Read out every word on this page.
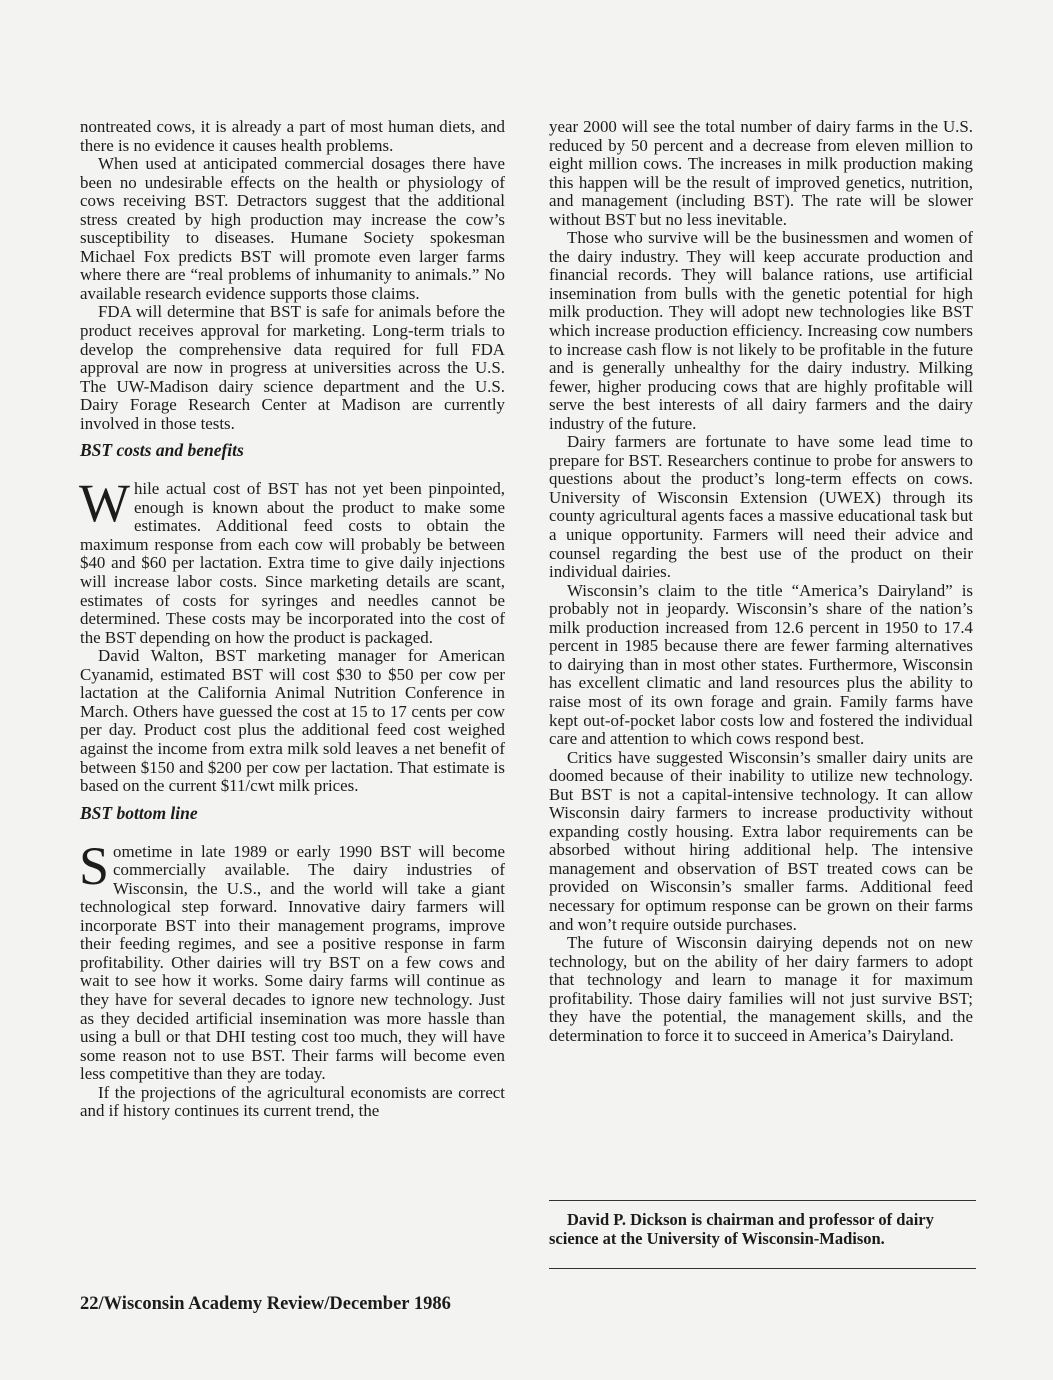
nontreated cows, it is already a part of most human diets, and there is no evidence it causes health problems.

When used at anticipated commercial dosages there have been no undesirable effects on the health or physiology of cows receiving BST. Detractors suggest that the additional stress created by high production may increase the cow’s susceptibility to diseases. Humane Society spokesman Michael Fox predicts BST will promote even larger farms where there are “real problems of inhumanity to animals.” No available research evidence supports those claims.

FDA will determine that BST is safe for animals before the product receives approval for marketing. Long-term trials to develop the comprehensive data required for full FDA approval are now in progress at universities across the U.S. The UW-Madison dairy science department and the U.S. Dairy Forage Research Center at Madison are currently involved in those tests.

BST costs and benefits

While actual cost of BST has not yet been pinpointed, enough is known about the product to make some estimates. Additional feed costs to obtain the maximum response from each cow will probably be between $40 and $60 per lactation. Extra time to give daily injections will increase labor costs. Since marketing details are scant, estimates of costs for syringes and needles cannot be determined. These costs may be incorporated into the cost of the BST depending on how the product is packaged.

David Walton, BST marketing manager for American Cyanamid, estimated BST will cost $30 to $50 per cow per lactation at the California Animal Nutrition Conference in March. Others have guessed the cost at 15 to 17 cents per cow per day. Product cost plus the additional feed cost weighed against the income from extra milk sold leaves a net benefit of between $150 and $200 per cow per lactation. That estimate is based on the current $11/cwt milk prices.

BST bottom line

Sometime in late 1989 or early 1990 BST will become commercially available. The dairy industries of Wisconsin, the U.S., and the world will take a giant technological step forward. Innovative dairy farmers will incorporate BST into their management programs, improve their feeding regimes, and see a positive response in farm profitability. Other dairies will try BST on a few cows and wait to see how it works. Some dairy farms will continue as they have for several decades to ignore new technology. Just as they decided artificial insemination was more hassle than using a bull or that DHI testing cost too much, they will have some reason not to use BST. Their farms will become even less competitive than they are today.

If the projections of the agricultural economists are correct and if history continues its current trend, the

year 2000 will see the total number of dairy farms in the U.S. reduced by 50 percent and a decrease from eleven million to eight million cows. The increases in milk production making this happen will be the result of improved genetics, nutrition, and management (including BST). The rate will be slower without BST but no less inevitable.

Those who survive will be the businessmen and women of the dairy industry. They will keep accurate production and financial records. They will balance rations, use artificial insemination from bulls with the genetic potential for high milk production. They will adopt new technologies like BST which increase production efficiency. Increasing cow numbers to increase cash flow is not likely to be profitable in the future and is generally unhealthy for the dairy industry. Milking fewer, higher producing cows that are highly profitable will serve the best interests of all dairy farmers and the dairy industry of the future.

Dairy farmers are fortunate to have some lead time to prepare for BST. Researchers continue to probe for answers to questions about the product’s long-term effects on cows. University of Wisconsin Extension (UWEX) through its county agricultural agents faces a massive educational task but a unique opportunity. Farmers will need their advice and counsel regarding the best use of the product on their individual dairies.

Wisconsin’s claim to the title “America’s Dairyland” is probably not in jeopardy. Wisconsin’s share of the nation’s milk production increased from 12.6 percent in 1950 to 17.4 percent in 1985 because there are fewer farming alternatives to dairying than in most other states. Furthermore, Wisconsin has excellent climatic and land resources plus the ability to raise most of its own forage and grain. Family farms have kept out-of-pocket labor costs low and fostered the individual care and attention to which cows respond best.

Critics have suggested Wisconsin’s smaller dairy units are doomed because of their inability to utilize new technology. But BST is not a capital-intensive technology. It can allow Wisconsin dairy farmers to increase productivity without expanding costly housing. Extra labor requirements can be absorbed without hiring additional help. The intensive management and observation of BST treated cows can be provided on Wisconsin’s smaller farms. Additional feed necessary for optimum response can be grown on their farms and won’t require outside purchases.

The future of Wisconsin dairying depends not on new technology, but on the ability of her dairy farmers to adopt that technology and learn to manage it for maximum profitability. Those dairy families will not just survive BST; they have the potential, the management skills, and the determination to force it to succeed in America’s Dairyland.

David P. Dickson is chairman and professor of dairy science at the University of Wisconsin-Madison.

22/Wisconsin Academy Review/December 1986
